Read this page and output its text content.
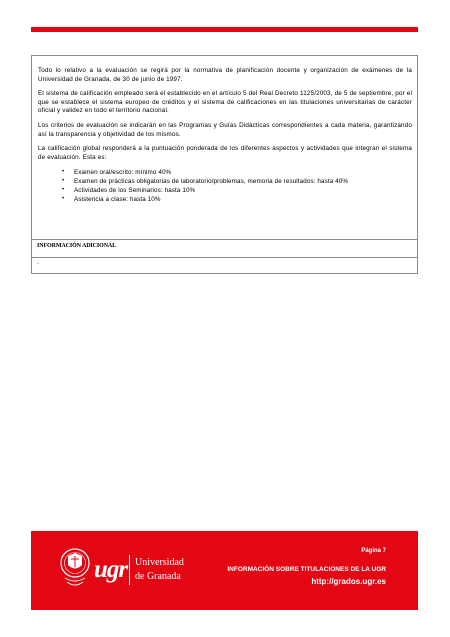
Todo lo relativo a la evaluación se regirá por la normativa de planificación docente y organización de exámenes de la Universidad de Granada, de 30 de junio de 1997.

El sistema de calificación empleado será el establecido en el artículo 5 del Real Decreto 1125/2003, de 5 de septiembre, por el que se establece el sistema europeo de créditos y el sistema de calificaciones en las titulaciones universitarias de carácter oficial y validez en todo el territorio nacional.

Los criterios de evaluación se indicarán en las Programas y Guías Didácticas correspondientes a cada materia, garantizando así la transparencia y objetividad de los mismos.

La calificación global responderá a la puntuación ponderada de los diferentes aspectos y actividades que integran el sistema de evaluación. Esta es:

• Examen oral/escrito: mínimo 40%
• Examen de prácticas obligatorias de laboratorio/problemas, memoria de resultados: hasta 40%
• Actividades de los Seminarios: hasta 10%
• Asistencia a clase: hasta 10%
INFORMACIÓN ADICIONAL
-
ugr Universidad
de Granada
Página 7
INFORMACIÓN SOBRE TITULACIONES DE LA UGR
http://grados.ugr.es
